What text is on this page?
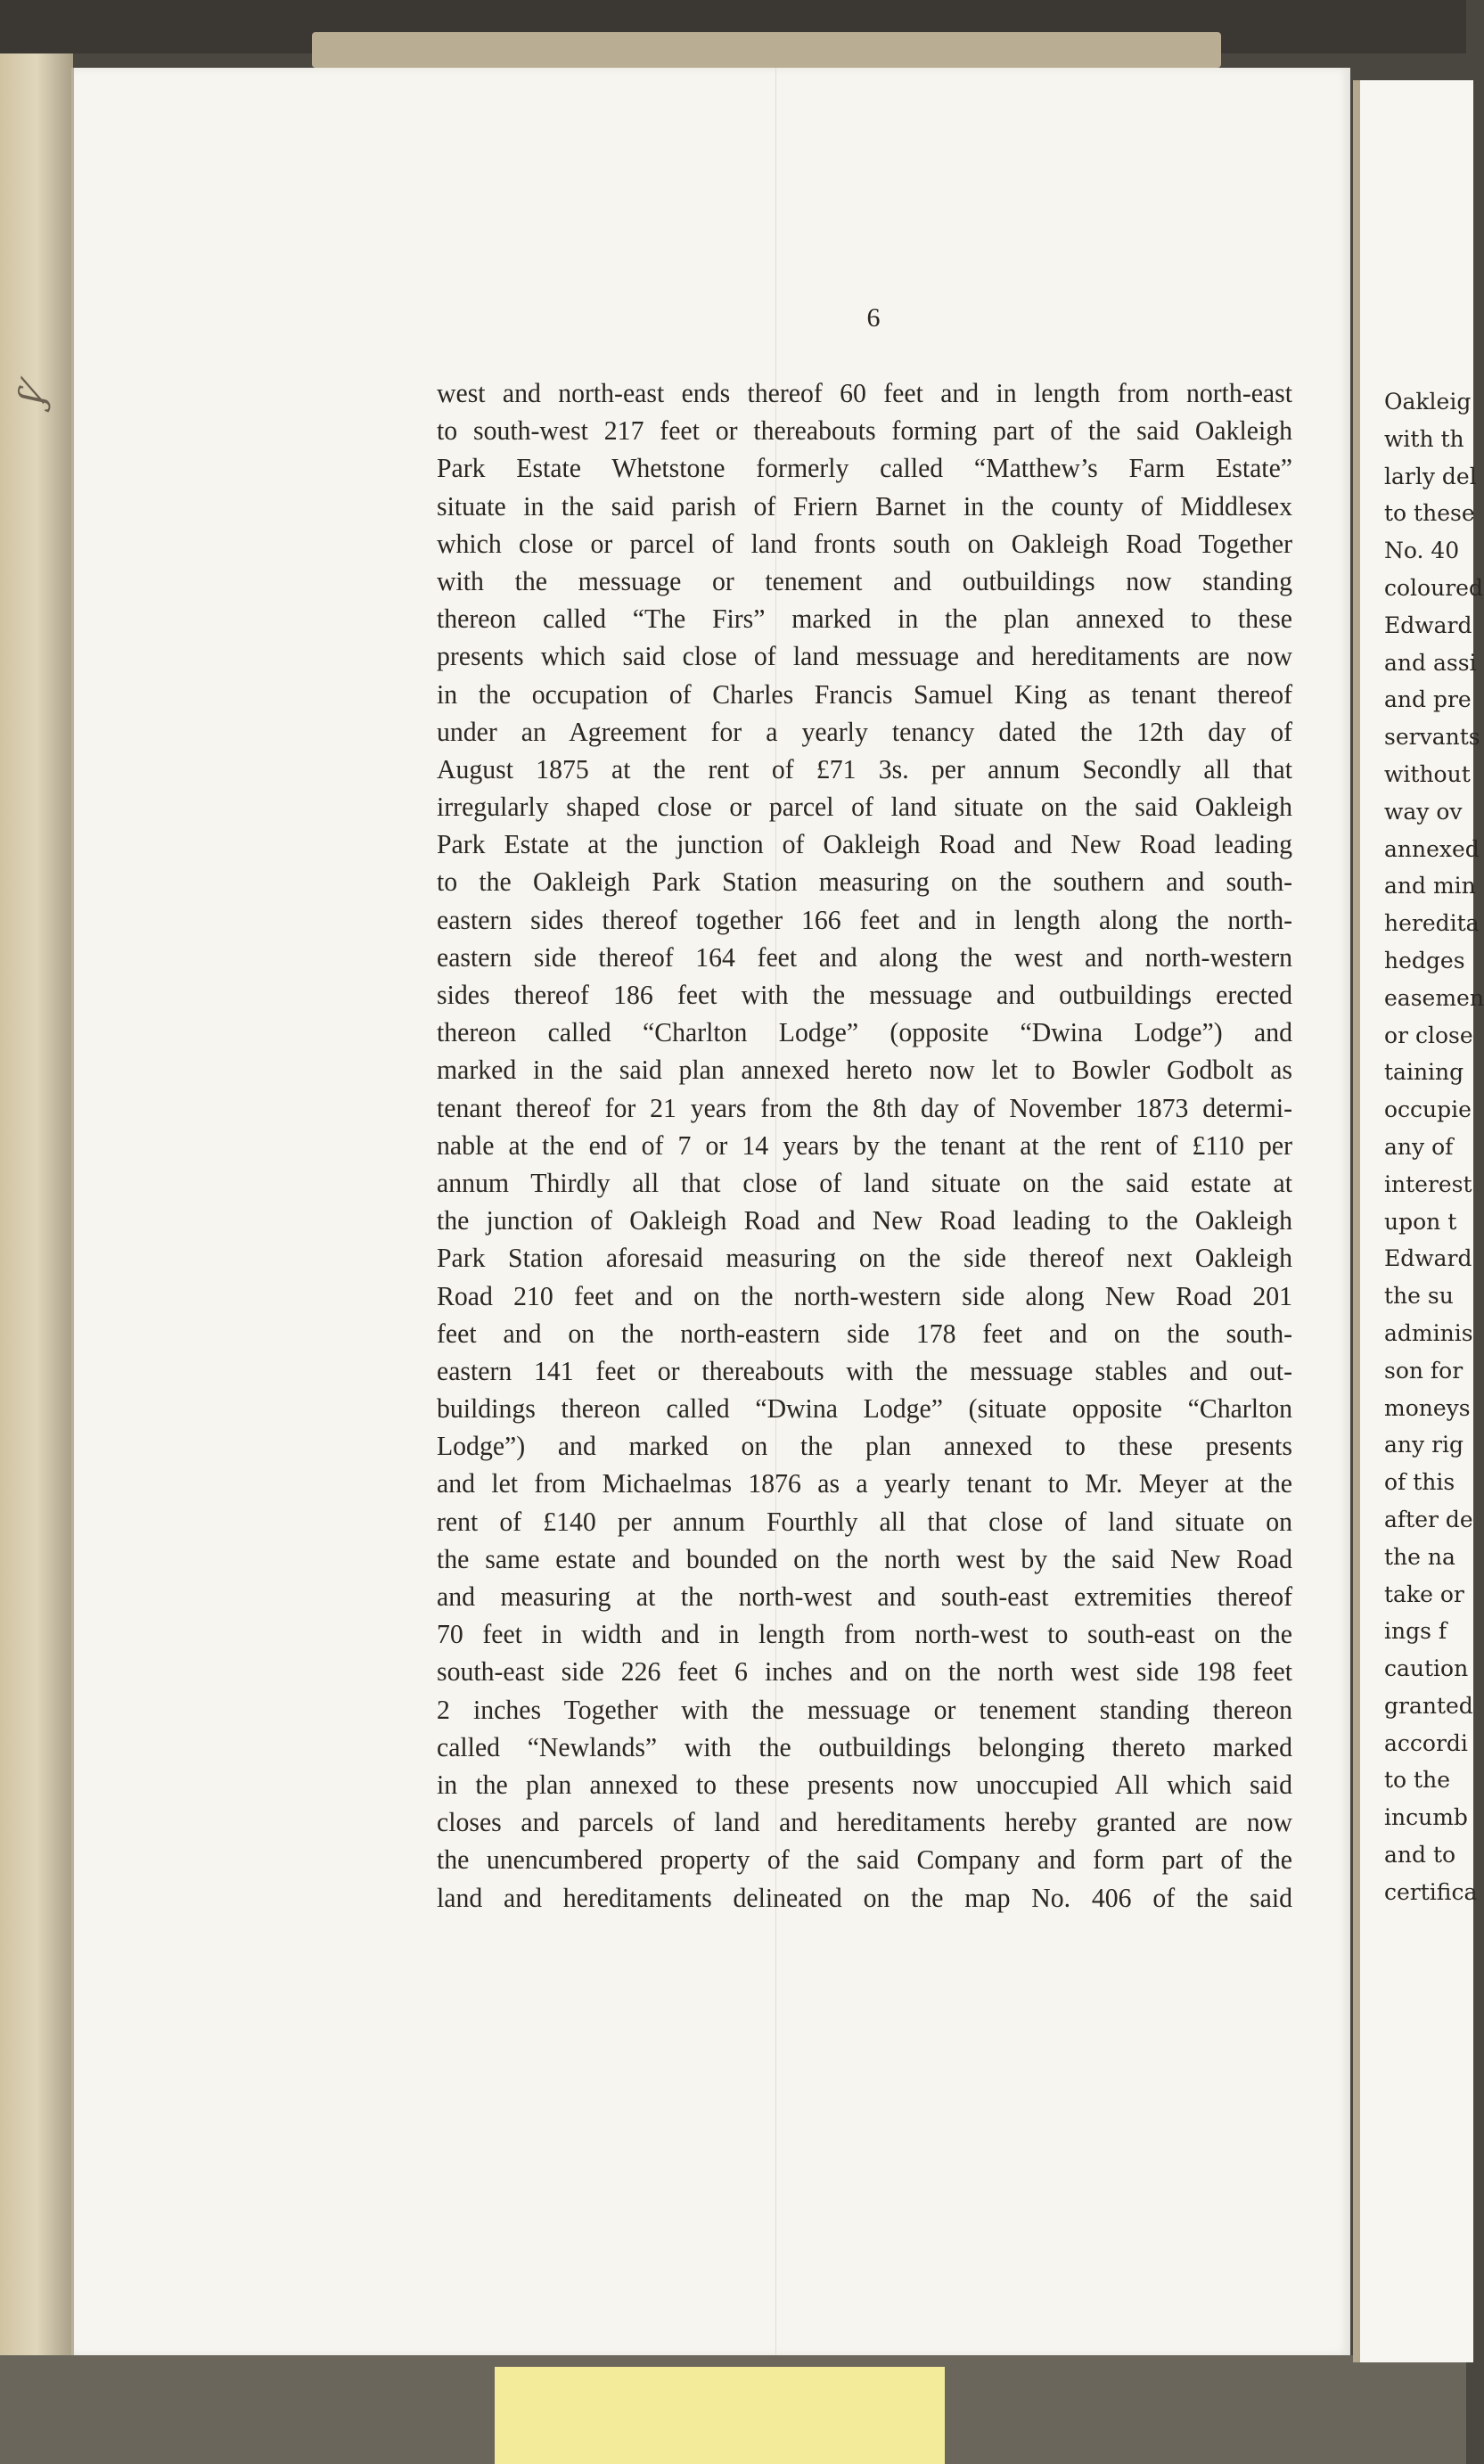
ʃ⁄
6
west and north-east ends thereof 60 feet and in length from north-east
to south-west 217 feet or thereabouts forming part of the said Oakleigh
Park Estate Whetstone formerly called “Matthew’s Farm Estate”
situate in the said parish of Friern Barnet in the county of Middlesex
which close or parcel of land fronts south on Oakleigh Road Together
with the messuage or tenement and outbuildings now standing
thereon called “The Firs” marked in the plan annexed to these
presents which said close of land messuage and hereditaments are now
in the occupation of Charles Francis Samuel King as tenant thereof
under an Agreement for a yearly tenancy dated the 12th day of
August 1875 at the rent of £71 3s. per annum Secondly all that
irregularly shaped close or parcel of land situate on the said Oakleigh
Park Estate at the junction of Oakleigh Road and New Road leading
to the Oakleigh Park Station measuring on the southern and south-
eastern sides thereof together 166 feet and in length along the north-
eastern side thereof 164 feet and along the west and north-western
sides thereof 186 feet with the messuage and outbuildings erected
thereon called “Charlton Lodge” (opposite “Dwina Lodge”) and
marked in the said plan annexed hereto now let to Bowler Godbolt as
tenant thereof for 21 years from the 8th day of November 1873 determi-
nable at the end of 7 or 14 years by the tenant at the rent of £110 per
annum Thirdly all that close of land situate on the said estate at
the junction of Oakleigh Road and New Road leading to the Oakleigh
Park Station aforesaid measuring on the side thereof next Oakleigh
Road 210 feet and on the north-western side along New Road 201
feet and on the north-eastern side 178 feet and on the south-
eastern 141 feet or thereabouts with the messuage stables and out-
buildings thereon called “Dwina Lodge” (situate opposite “Charlton
Lodge”) and marked on the plan annexed to these presents
and let from Michaelmas 1876 as a yearly tenant to Mr. Meyer at the
rent of £140 per annum Fourthly all that close of land situate on
the same estate and bounded on the north west by the said New Road
and measuring at the north-west and south-east extremities thereof
70 feet in width and in length from north-west to south-east on the
south-east side 226 feet 6 inches and on the north west side 198 feet
2 inches Together with the messuage or tenement standing thereon
called “Newlands” with the outbuildings belonging thereto marked
in the plan annexed to these presents now unoccupied All which said
closes and parcels of land and hereditaments hereby granted are now
the unencumbered property of the said Company and form part of the
land and hereditaments delineated on the map No. 406 of the said
Oakleig
with th
larly del
to these
No. 40
coloured
Edward
and assi
and pre
servants
without
way ov
annexed
and min
heredita
hedges
easemen
or close
taining
occupie
any of
interest
upon t
Edward
the su
adminis
son for
moneys
any rig
of this
after de
the na
take or
ings f
caution
granted
accordi
to the
incumb
and to
certifica
